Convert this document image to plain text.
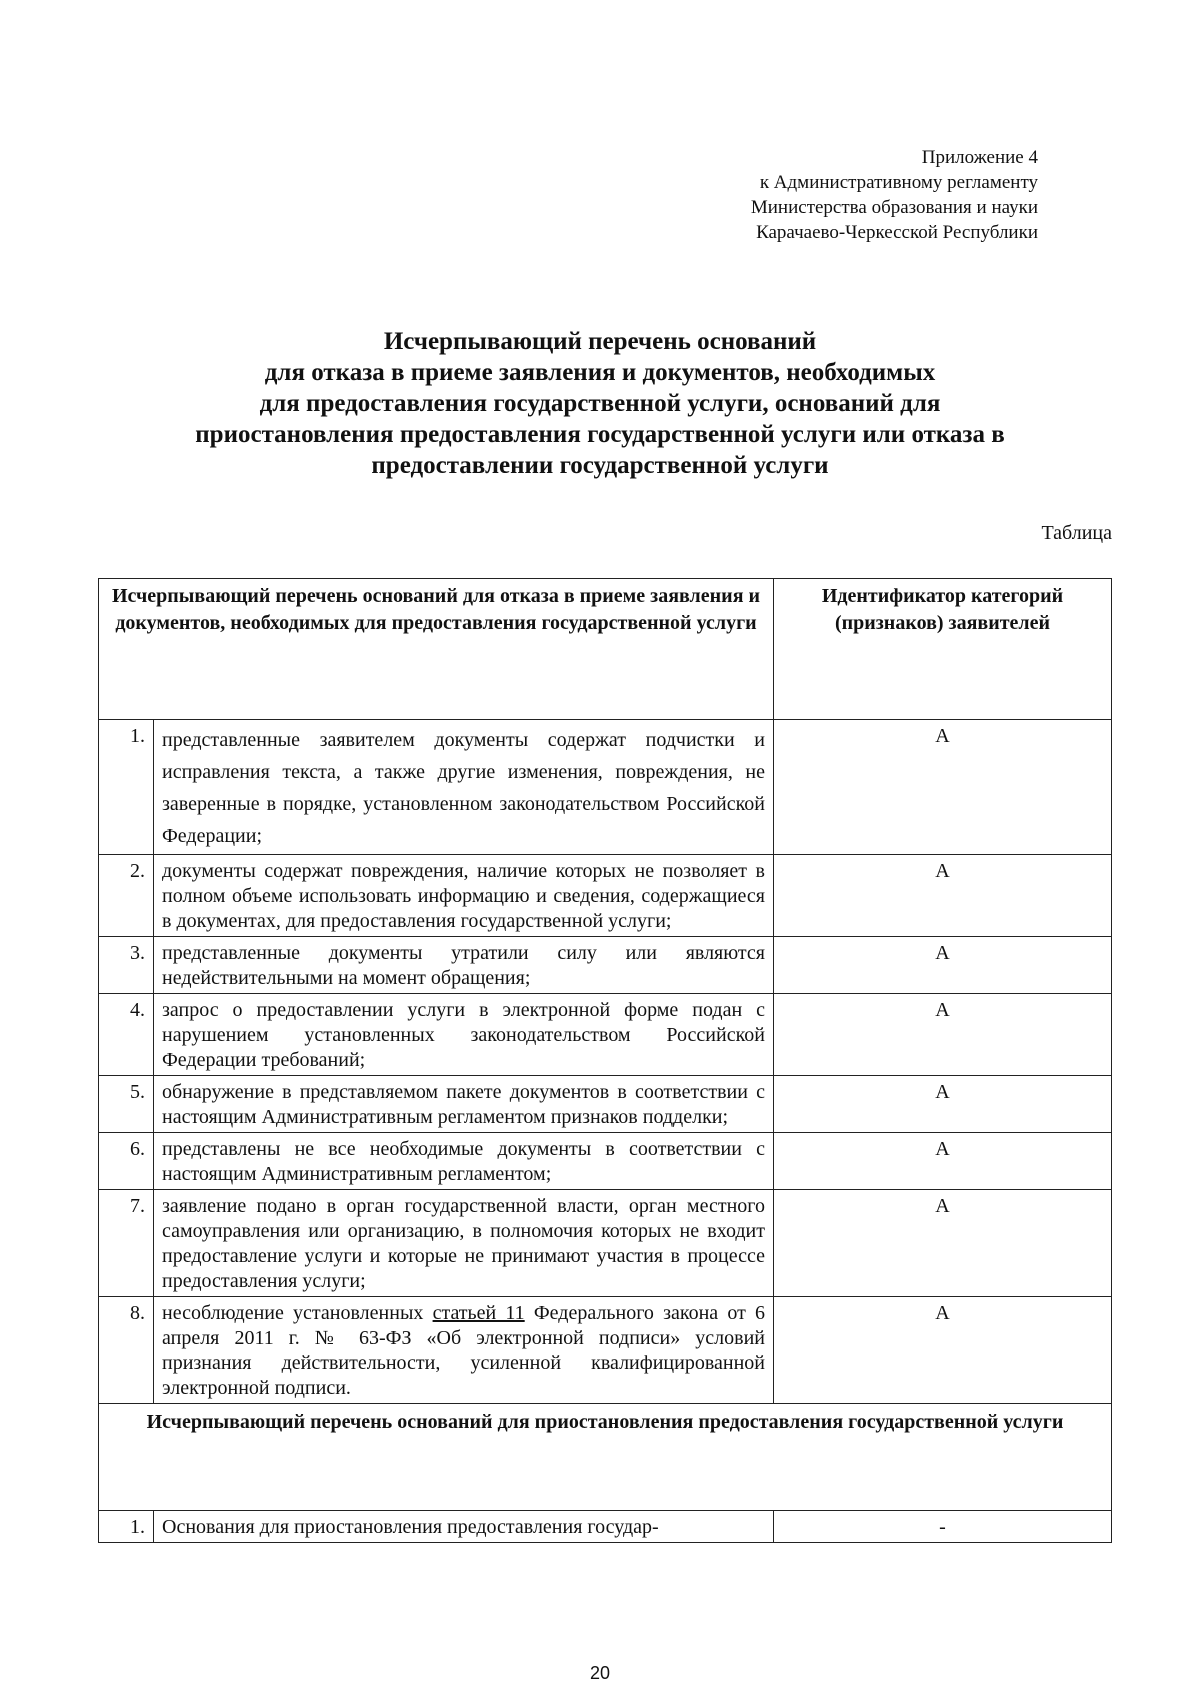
Приложение 4
к Административному регламенту
Министерства образования и науки
Карачаево-Черкесской Республики
Исчерпывающий перечень оснований
для отказа в приеме заявления и документов, необходимых
для предоставления государственной услуги, оснований для
приостановления предоставления государственной услуги или отказа в
предоставлении государственной услуги
Таблица
Исчерпывающий перечень оснований для отказа в приеме заявления и документов, необходимых для предоставления государственной услуги		Идентификатор категорий (признаков) заявителей
1.	представленные заявителем документы содержат подчистки и исправления текста, а также другие изменения, повреждения, не заверенные в порядке, установленном законодательством Российской Федерации;	А
2.	документы содержат повреждения, наличие которых не позволяет в полном объеме использовать информацию и сведения, содержащиеся в документах, для предоставления государственной услуги;	А
3.	представленные документы утратили силу или являются недействительными на момент обращения;	А
4.	запрос о предоставлении услуги в электронной форме подан с нарушением установленных законодательством Российской Федерации требований;	А
5.	обнаружение в представляемом пакете документов в соответствии с настоящим Административным регламентом признаков подделки;	А
6.	представлены не все необходимые документы в соответствии с настоящим Административным регламентом;	А
7.	заявление подано в орган государственной власти, орган местного самоуправления или организацию, в полномочия которых не входит предоставление услуги и которые не принимают участия в процессе предоставления услуги;	А
8.	несоблюдение установленных статьей 11 Федерального закона от 6 апреля 2011 г. № 63-ФЗ «Об электронной подписи» условий признания действительности, усиленной квалифицированной электронной подписи.	А
Исчерпывающий перечень оснований для приостановления предоставления государственной услуги		
1.	Основания для приостановления предоставления государ-	-
20
